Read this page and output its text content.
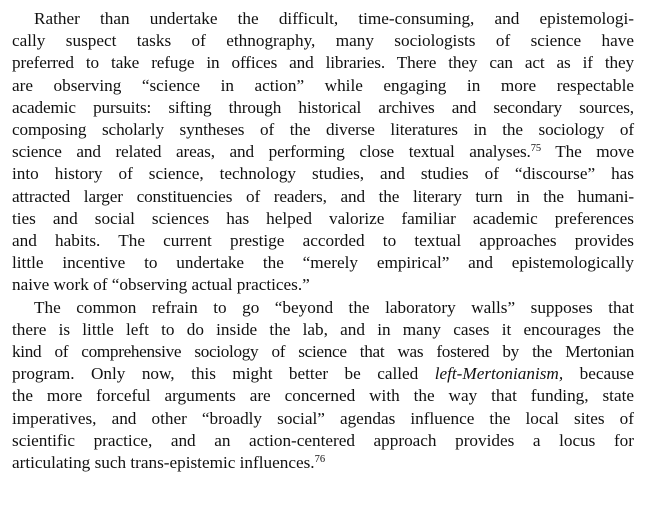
Rather than undertake the difficult, time-consuming, and epistemologi-
cally suspect tasks of ethnography, many sociologists of science have
preferred to take refuge in offices and libraries. There they can act as if they
are observing “science in action” while engaging in more respectable
academic pursuits: sifting through historical archives and secondary sources,
composing scholarly syntheses of the diverse literatures in the sociology of
science and related areas, and performing close textual analyses.$^{75}$ The move
into history of science, technology studies, and studies of “discourse” has
attracted larger constituencies of readers, and the literary turn in the humani-
ties and social sciences has helped valorize familiar academic preferences
and habits. The current prestige accorded to textual approaches provides
little incentive to undertake the “merely empirical” and epistemologically
naive work of “observing actual practices.”

The common refrain to go “beyond the laboratory walls” supposes that
there is little left to do inside the lab, and in many cases it encourages the
kind of comprehensive sociology of science that was fostered by the Mertonian
program. Only now, this might better be called left-Mertonianism, because
the more forceful arguments are concerned with the way that funding, state
imperatives, and other “broadly social” agendas influence the local sites of
scientific practice, and an action-centered approach provides a locus for
articulating such trans-epistemic influences.$^{76}$
